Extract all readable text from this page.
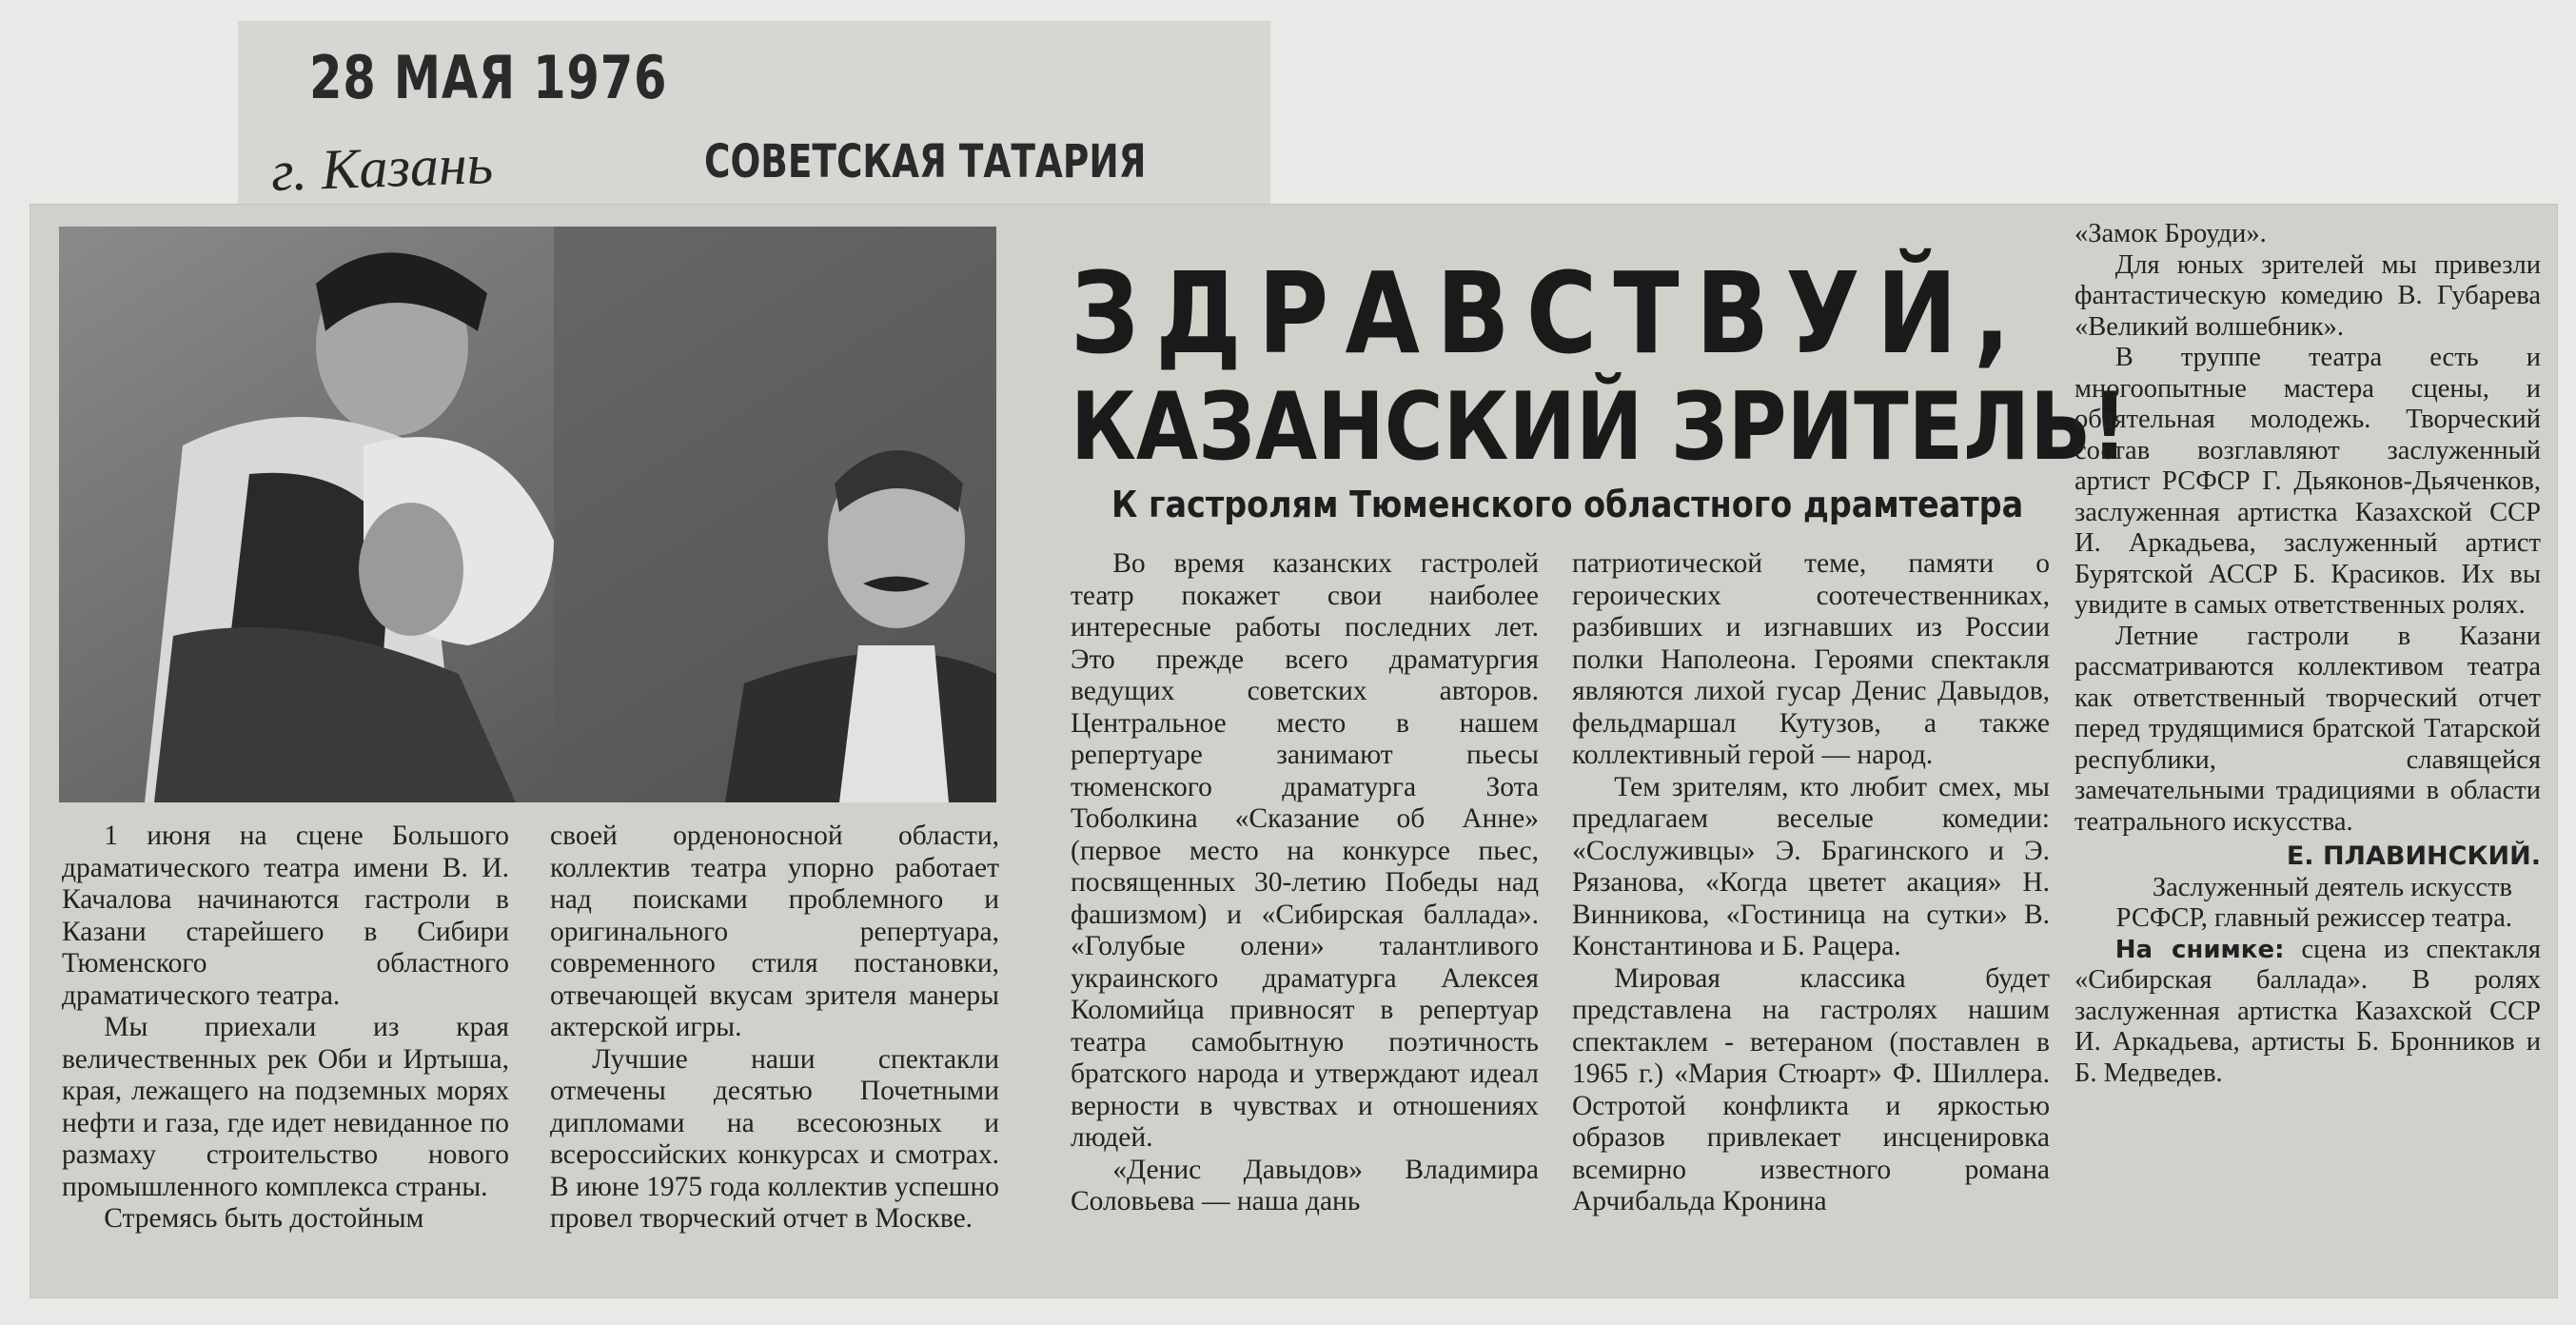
28 МАЯ 1976
г. Казань	СОВЕТСКАЯ ТАТАРИЯ
ЗДРАВСТВУЙ,
КАЗАНСКИЙ ЗРИТЕЛЬ!
К гастролям Тюменского областного драмтеатра

1 июня на сцене Большого драматического театра имени В. И. Качалова начинаются гастроли в Казани старейшего в Сибири Тюменского областного драматического театра.

Мы приехали из края величественных рек Оби и Иртыша, края, лежащего на подземных морях нефти и газа, где идет невиданное по размаху строительство нового промышленного комплекса страны.

Стремясь быть достойным

своей орденоносной области, коллектив театра упорно работает над поисками проблемного и оригинального репертуара, современного стиля постановки, отвечающей вкусам зрителя манеры актерской игры.

Лучшие наши спектакли отмечены десятью Почетными дипломами на всесоюзных и всероссийских конкурсах и смотрах. В июне 1975 года коллектив успешно провел творческий отчет в Москве.

Во время казанских гастролей театр покажет свои наиболее интересные работы последних лет. Это прежде всего драматургия ведущих советских авторов. Центральное место в нашем репертуаре занимают пьесы тюменского драматурга Зота Тоболкина «Сказание об Анне» (первое место на конкурсе пьес, посвященных 30-летию Победы над фашизмом) и «Сибирская баллада». «Голубые олени» талантливого украинского драматурга Алексея Коломийца привносят в репертуар театра самобытную поэтичность братского народа и утверждают идеал верности в чувствах и отношениях людей.

«Денис Давыдов» Владимира Соловьева — наша дань

патриотической теме, памяти о героических соотечественниках, разбивших и изгнавших из России полки Наполеона. Героями спектакля являются лихой гусар Денис Давыдов, фельдмаршал Кутузов, а также коллективный герой — народ.

Тем зрителям, кто любит смех, мы предлагаем веселые комедии: «Сослуживцы» Э. Брагинского и Э. Рязанова, «Когда цветет акация» Н. Винникова, «Гостиница на сутки» В. Константинова и Б. Рацера.

Мировая классика будет представлена на гастролях нашим спектаклем - ветераном (поставлен в 1965 г.) «Мария Стюарт» Ф. Шиллера. Остротой конфликта и яркостью образов привлекает инсценировка всемирно известного романа Арчибальда Кронина

«Замок Броуди».

Для юных зрителей мы привезли фантастическую комедию В. Губарева «Великий волшебник».

В труппе театра есть и многоопытные мастера сцены, и обаятельная молодежь. Творческий состав возглавляют заслуженный артист РСФСР Г. Дьяконов-Дьяченков, заслуженная артистка Казахской ССР И. Аркадьева, заслуженный артист Бурятской АССР Б. Красиков. Их вы увидите в самых ответственных ролях.

Летние гастроли в Казани рассматриваются коллективом театра как ответственный творческий отчет перед трудящимися братской Татарской республики, славящейся замечательными традициями в области театрального искусства.

Е. ПЛАВИНСКИЙ.

Заслуженный деятель искусств РСФСР, главный режиссер театра.

На снимке: сцена из спектакля «Сибирская баллада». В ролях заслуженная артистка Казахской ССР И. Аркадьева, артисты Б. Бронников и Б. Медведев.
